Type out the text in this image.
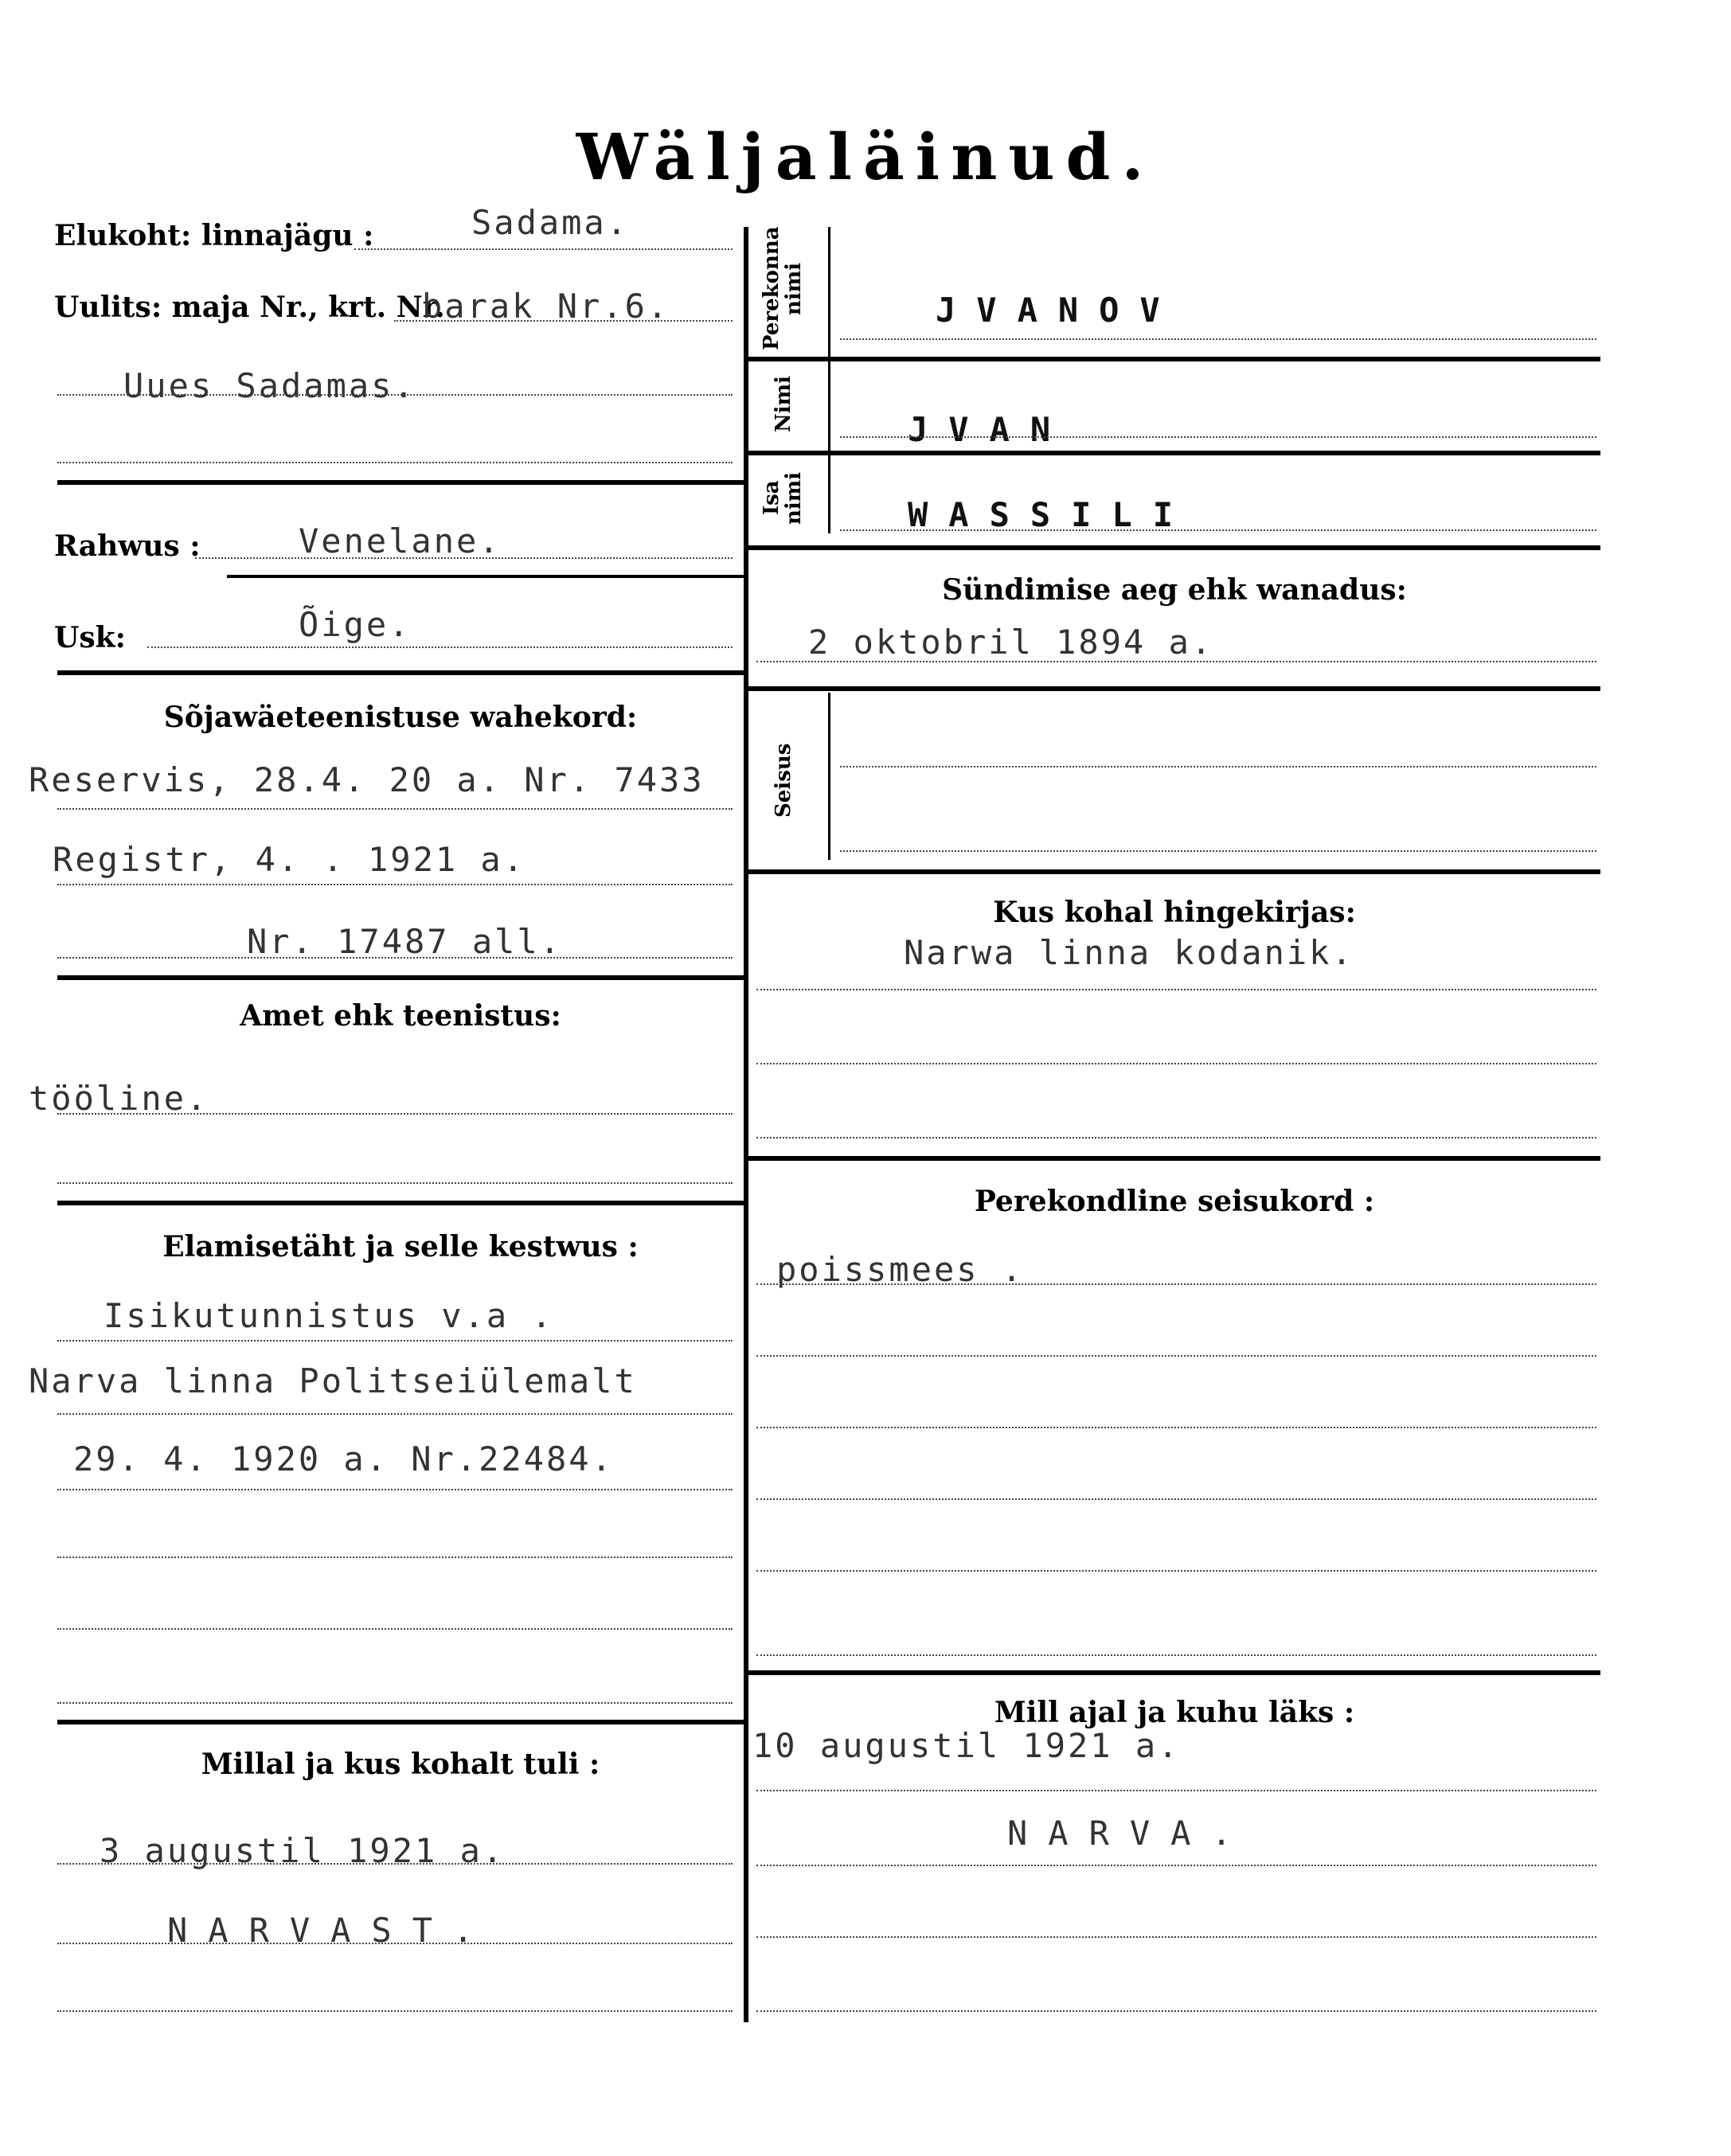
Wäljaläinud.
Elukoht: linnajägu :	Sadama.
Uulits: maja Nr., krt. Nr.
barak Nr.6.
Uues Sadamas.
Rahwus :	Venelane.
Usk:	Õige.
Sõjawäeteenistuse wahekord:
Reservis, 28.4. 20 a. Nr. 7433
Registr, 4. . 1921 a.
Nr. 17487 all.
Amet ehk teenistus:
tööline.
Elamisetäht ja selle kestwus :
Isikutunnistus v.a .
Narva linna Politseiülemalt
29. 4. 1920 a. Nr.22484.
Millal ja kus kohalt tuli :
3 augustil 1921 a.
NARVAST.
Perekonna nimi	JVANOV
Nimi	JVAN
Isa nimi	WASSILI
Sündimise aeg ehk wanadus:
2 oktobril 1894 a.
Seisus
Kus kohal hingekirjas:
Narwa linna kodanik.
Perekondline seisukord :
poissmees .
Mill ajal ja kuhu läks :
10 augustil 1921 a.
NARVA.
